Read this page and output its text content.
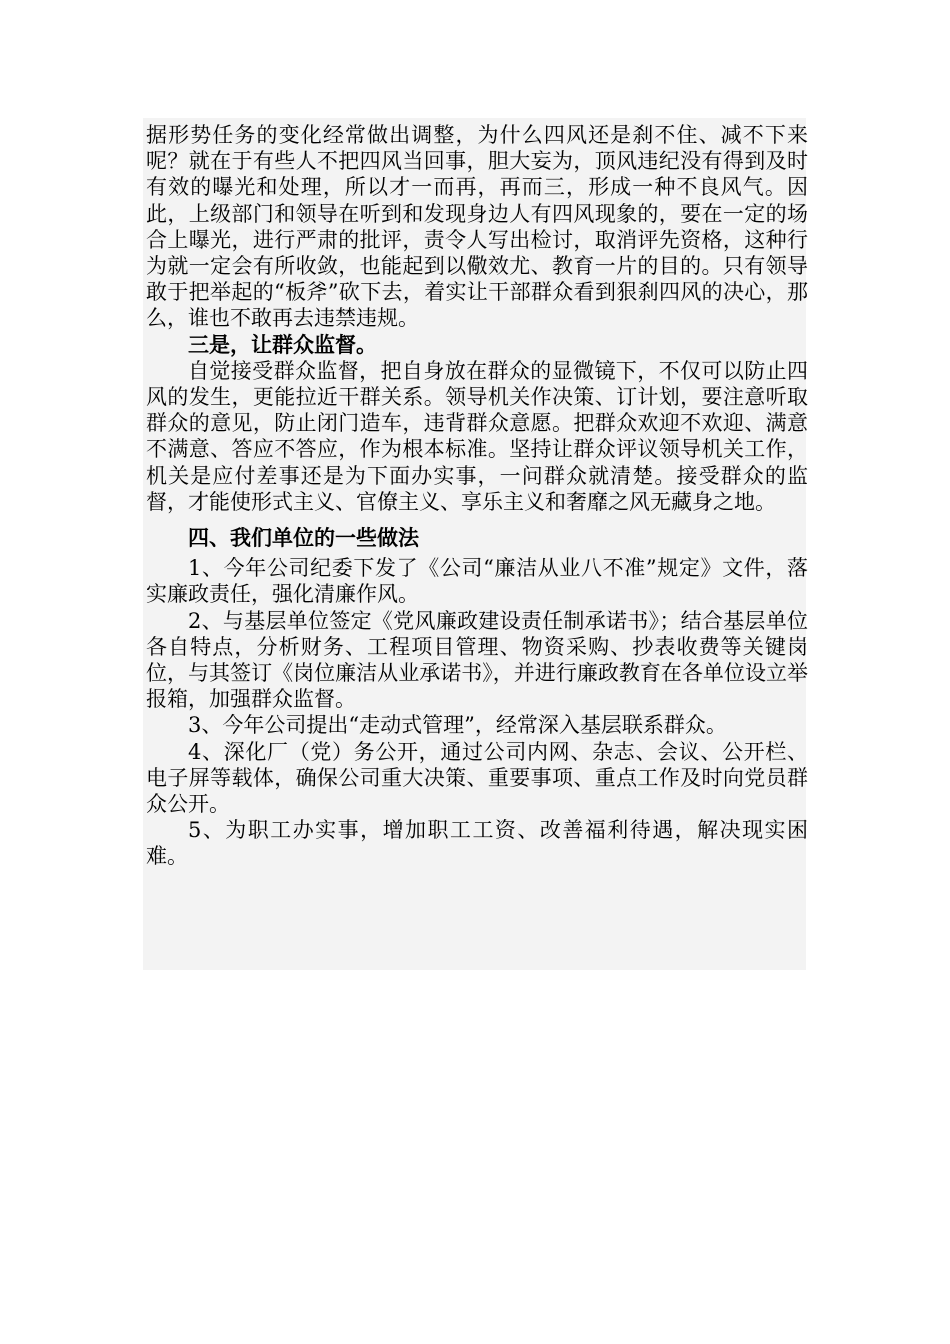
据形势任务的变化经常做出调整，为什么四风还是刹不住、减不下来呢？就在于有些人不把四风当回事，胆大妄为，顶风违纪没有得到及时有效的曝光和处理，所以才一而再，再而三，形成一种不良风气。因此，上级部门和领导在听到和发现身边人有四风现象的，要在一定的场合上曝光，进行严肃的批评，责令人写出检讨，取消评先资格，这种行为就一定会有所收敛，也能起到以儆效尤、教育一片的目的。只有领导敢于把举起的“板斧”砍下去，着实让干部群众看到狠刹四风的决心，那么，谁也不敢再去违禁违规。

三是，让群众监督。

自觉接受群众监督，把自身放在群众的显微镜下，不仅可以防止四风的发生，更能拉近干群关系。领导机关作决策、订计划，要注意听取群众的意见，防止闭门造车，违背群众意愿。把群众欢迎不欢迎、满意不满意、答应不答应，作为根本标准。坚持让群众评议领导机关工作，机关是应付差事还是为下面办实事，一问群众就清楚。接受群众的监督，才能使形式主义、官僚主义、享乐主义和奢靡之风无藏身之地。

四、我们单位的一些做法

1、今年公司纪委下发了《公司“廉洁从业八不准”规定》文件，落实廉政责任，强化清廉作风。

2、与基层单位签定《党风廉政建设责任制承诺书》；结合基层单位各自特点，分析财务、工程项目管理、物资采购、抄表收费等关键岗位，与其签订《岗位廉洁从业承诺书》，并进行廉政教育在各单位设立举报箱，加强群众监督。

3、今年公司提出“走动式管理”，经常深入基层联系群众。

4、深化厂（党）务公开，通过公司内网、杂志、会议、公开栏、电子屏等载体，确保公司重大决策、重要事项、重点工作及时向党员群众公开。

5、为职工办实事，增加职工工资、改善福利待遇，解决现实困难。
